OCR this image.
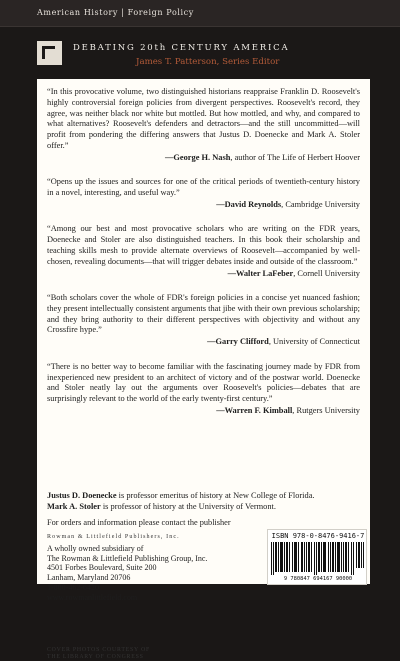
American History | Foreign Policy
DEBATING 20th CENTURY AMERICA
James T. Patterson, Series Editor
“In this provocative volume, two distinguished historians reappraise Franklin D. Roosevelt's highly controversial foreign policies from divergent perspectives. Roosevelt's record, they agree, was neither black nor white but mottled. But how mottled, and why, and compared to what alternatives? Roosevelt's defenders and detractors—and the still uncommitted—will profit from pondering the differing answers that Justus D. Doenecke and Mark A. Stoler offer.”
—George H. Nash, author of The Life of Herbert Hoover
“Opens up the issues and sources for one of the critical periods of twentieth-century history in a novel, interesting, and useful way.”
—David Reynolds, Cambridge University
“Among our best and most provocative scholars who are writing on the FDR years, Doenecke and Stoler are also distinguished teachers. In this book their scholarship and teaching skills mesh to provide alternate overviews of Roosevelt—accompanied by well-chosen, revealing documents—that will trigger debates inside and outside of the classroom.”
—Walter LaFeber, Cornell University
“Both scholars cover the whole of FDR's foreign policies in a concise yet nuanced fashion; they present intellectually consistent arguments that jibe with their own previous scholarship; and they bring authority to their different perspectives with objectivity and without any Crossfire hype.”
—Garry Clifford, University of Connecticut
“There is no better way to become familiar with the fascinating journey made by FDR from inexperienced new president to an architect of victory and of the postwar world. Doenecke and Stoler neatly lay out the arguments over Roosevelt's policies—debates that are surprisingly relevant to the world of the early twenty-first century.”
—Warren F. Kimball, Rutgers University
Justus D. Doenecke is professor emeritus of history at New College of Florida.
Mark A. Stoler is professor of history at the University of Vermont.
For orders and information please contact the publisher
Rowman & Littlefield Publishers, Inc.
A wholly owned subsidiary of
The Rowman & Littlefield Publishing Group, Inc.
4501 Forbes Boulevard, Suite 200
Lanham, Maryland 20706
1-800-462-6420
www.rowmanlittlefield.com
COVER PHOTOS COURTESY OF
THE LIBRARY OF CONGRESS
ISBN 978-0-8476-9416-7
9 780847 694167 90000
